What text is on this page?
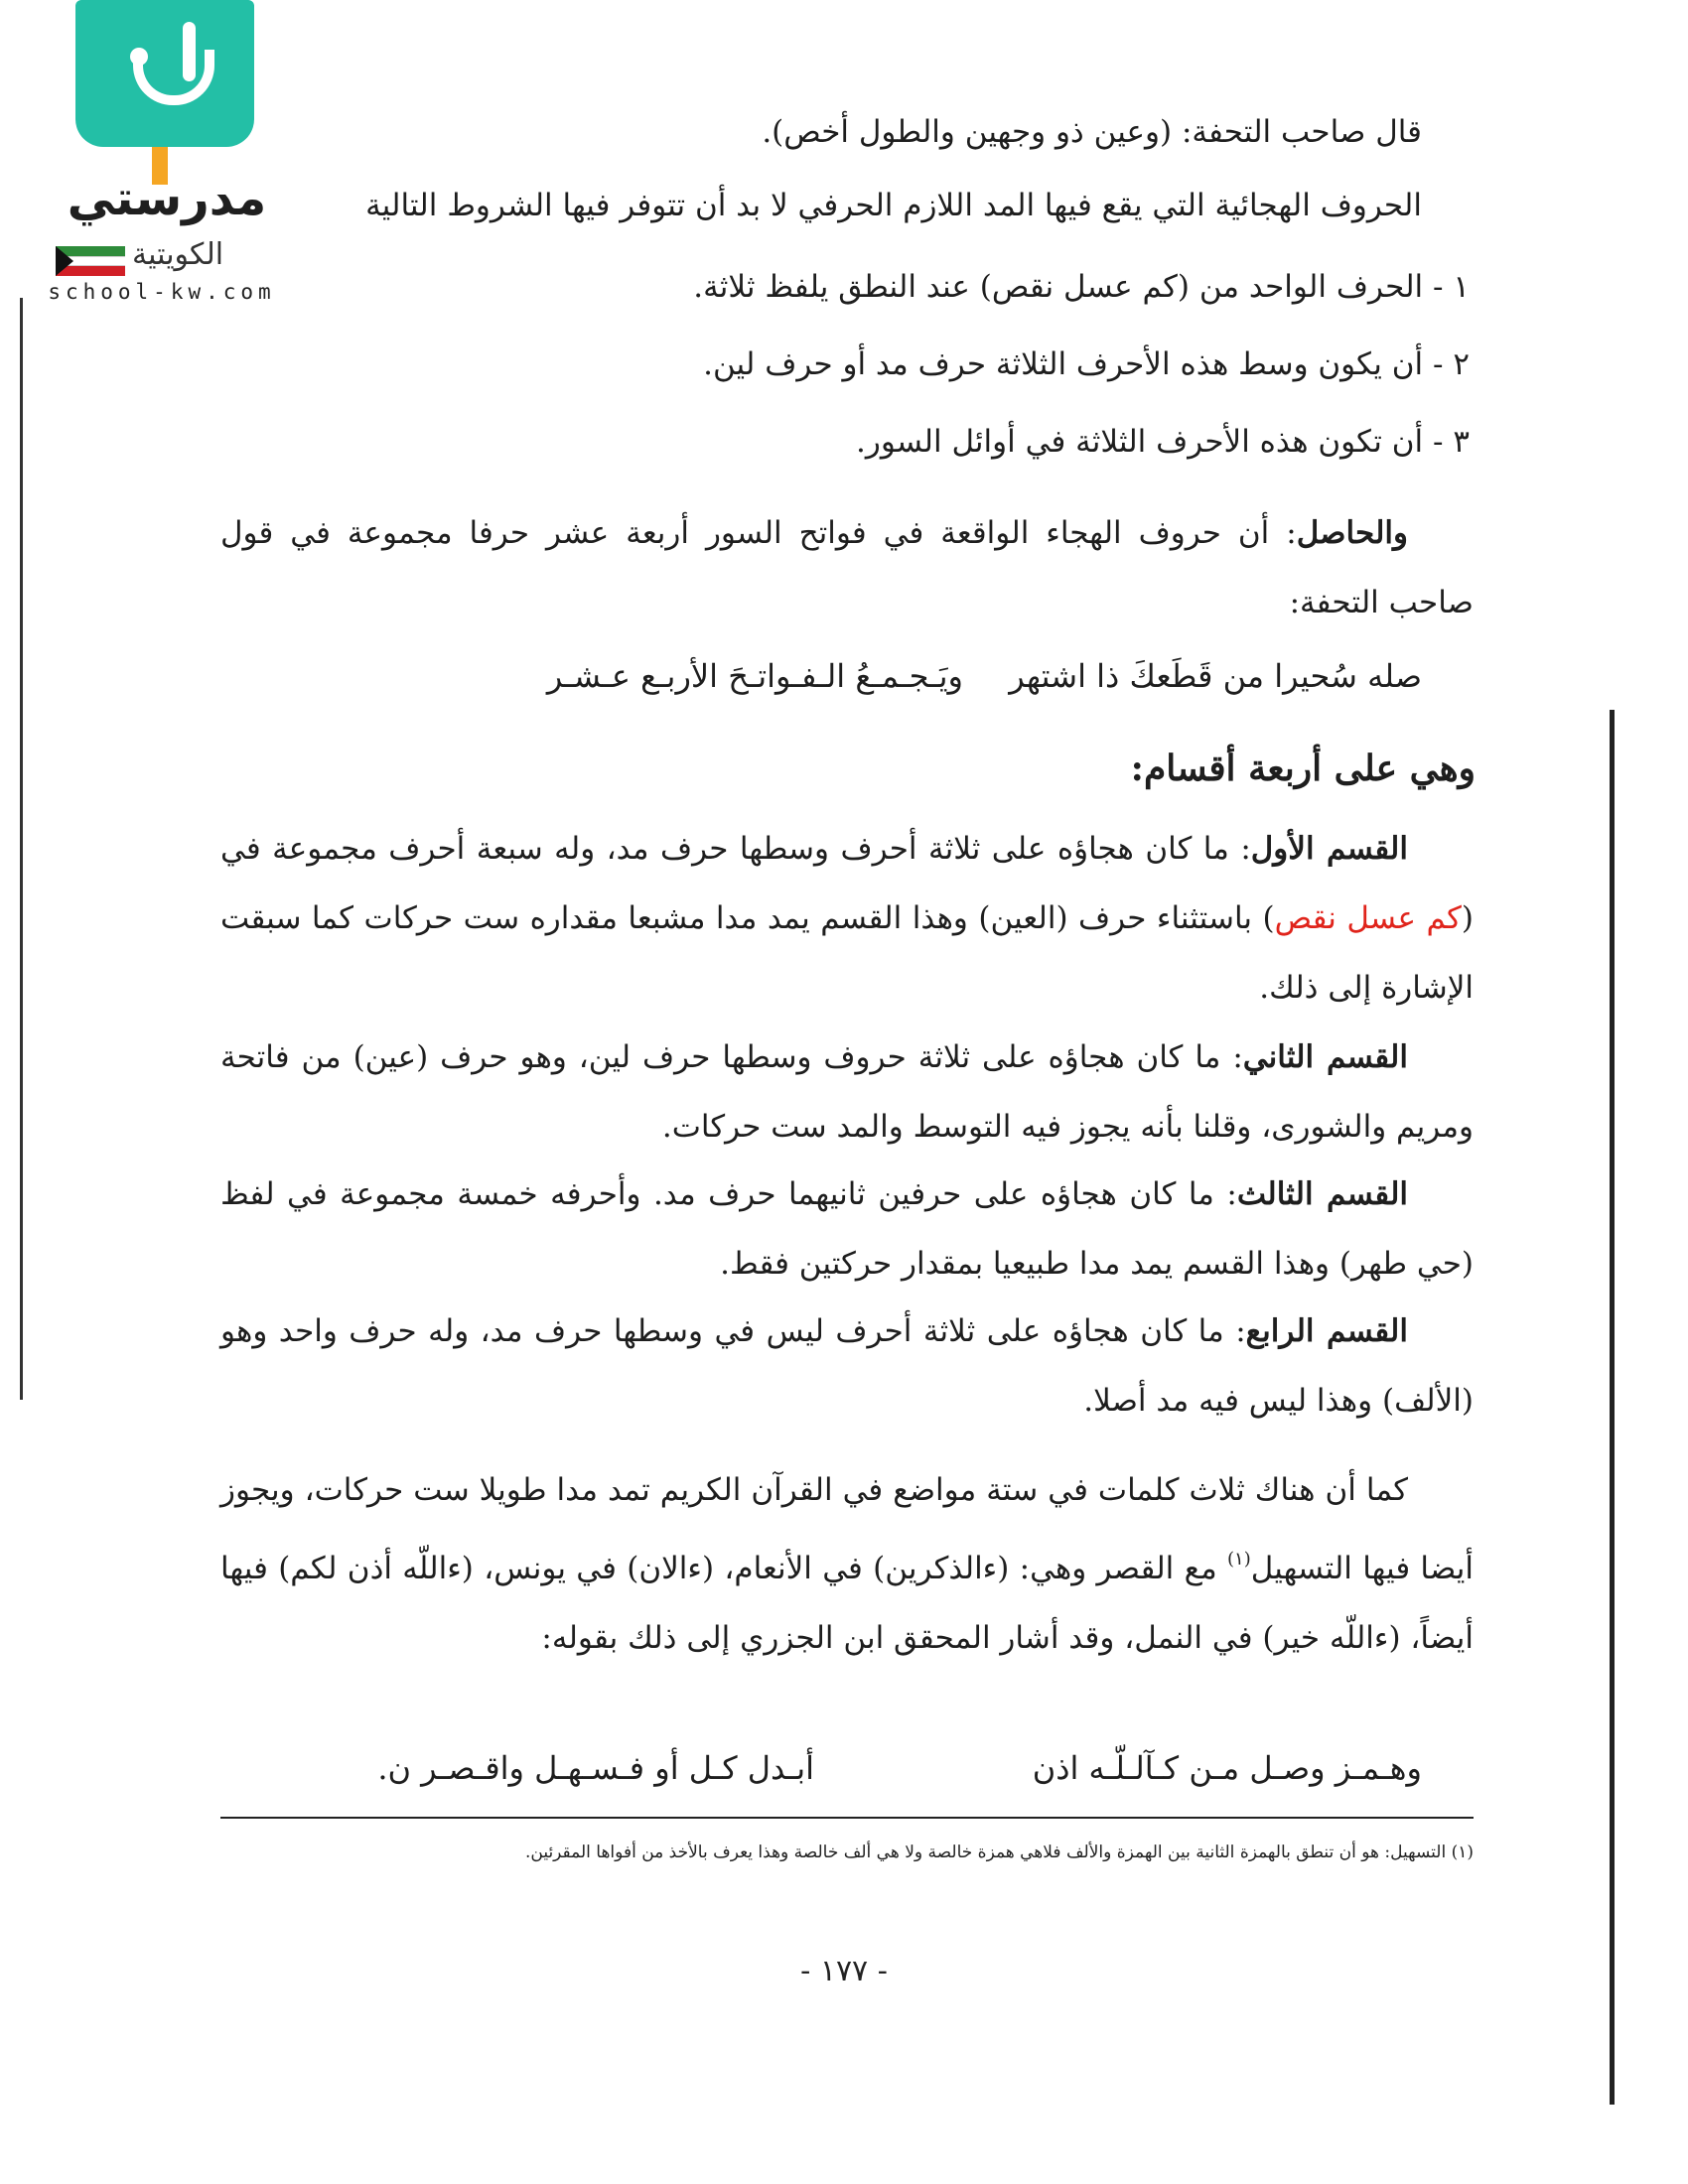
مدرستي
الكويتية
school-kw.com
قال صاحب التحفة: (وعين ذو وجهين والطول أخص).
الحروف الهجائية التي يقع فيها المد اللازم الحرفي لا بد أن تتوفر فيها الشروط التالية
١ - الحرف الواحد من (كم عسل نقص) عند النطق يلفظ ثلاثة.
٢ - أن يكون وسط هذه الأحرف الثلاثة حرف مد أو حرف لين.
٣ - أن تكون هذه الأحرف الثلاثة في أوائل السور.
والحاصل: أن حروف الهجاء الواقعة في فواتح السور أربعة عشر حرفا مجموعة في قول صاحب التحفة:
ويَـجـمـعُ الـفـواتـحَ الأربـع عـشـر صله سُحيرا من قَطَعكَ ذا اشتهر
وهي على أربعة أقسام:
القسم الأول: ما كان هجاؤه على ثلاثة أحرف وسطها حرف مد، وله سبعة أحرف مجموعة في (كم عسل نقص) باستثناء حرف (العين) وهذا القسم يمد مدا مشبعا مقداره ست حركات كما سبقت الإشارة إلى ذلك.
القسم الثاني: ما كان هجاؤه على ثلاثة حروف وسطها حرف لين، وهو حرف (عين) من فاتحة ومريم والشورى، وقلنا بأنه يجوز فيه التوسط والمد ست حركات.
القسم الثالث: ما كان هجاؤه على حرفين ثانيهما حرف مد. وأحرفه خمسة مجموعة في لفظ (حي طهر) وهذا القسم يمد مدا طبيعيا بمقدار حركتين فقط.
القسم الرابع: ما كان هجاؤه على ثلاثة أحرف ليس في وسطها حرف مد، وله حرف واحد وهو (الألف) وهذا ليس فيه مد أصلا.
كما أن هناك ثلاث كلمات في ستة مواضع في القرآن الكريم تمد مدا طويلا ست حركات، ويجوز أيضا فيها التسهيل$^{(١)}$ مع القصر وهي: (ءالذكرين) في الأنعام، (ءالان) في يونس، (ءاللّه أذن لكم) فيها أيضاً، (ءاللّه خير) في النمل، وقد أشار المحقق ابن الجزري إلى ذلك بقوله:
وهـمـز وصـل مـن كـآلـلّـه اذن
أبـدل كـل أو فـسـهـل واقـصـر ن.
(١) التسهيل: هو أن تنطق بالهمزة الثانية بين الهمزة والألف فلاهي همزة خالصة ولا هي ألف خالصة وهذا يعرف بالأخذ من أفواها المقرئين.
- ١٧٧ -
